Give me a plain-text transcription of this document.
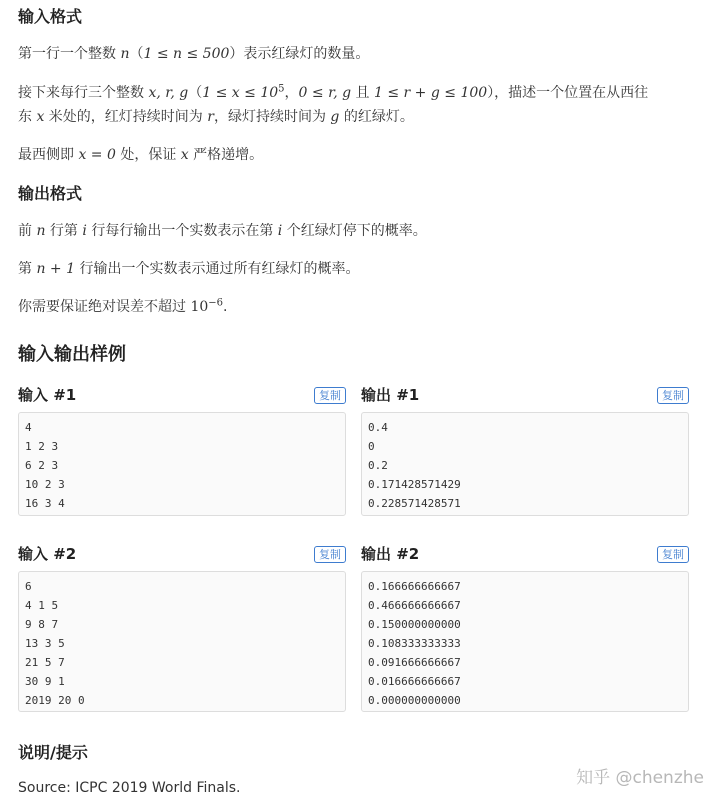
输入格式

第一行一个整数 n（1 ≤ n ≤ 500）表示红绿灯的数量。

接下来每行三个整数 x, r, $g(1 \le x \le 10^5$，0 ≤ r, g 且 1 ≤ r + g ≤ 100），描述一个位置在从西往
东 x 米处的，红灯持续时间为 r，绿灯持续时间为 g 的红绿灯。

最西侧即 x = 0 处，保证 x 严格递增。

输出格式

前 n 行第 i 行每行输出一个实数表示在第 i 个红绿灯停下的概率。

第 n + 1 行输出一个实数表示通过所有红绿灯的概率。

你需要保证绝对误差不超过 $10^{-6}$.

输入输出样例
输入 #1	复制
4
1 2 3
6 2 3
10 2 3
16 3 4
输出 #1	复制
0.4
0
0.2
0.171428571429
0.228571428571
输入 #2	复制
6
4 1 5
9 8 7
13 3 5
21 5 7
30 9 1
2019 20 0
输出 #2	复制
0.166666666667
0.466666666667
0.150000000000
0.108333333333
0.091666666667
0.016666666667
0.000000000000
说明/提示

Source: ICPC 2019 World Finals.	知乎 @chenzhe
